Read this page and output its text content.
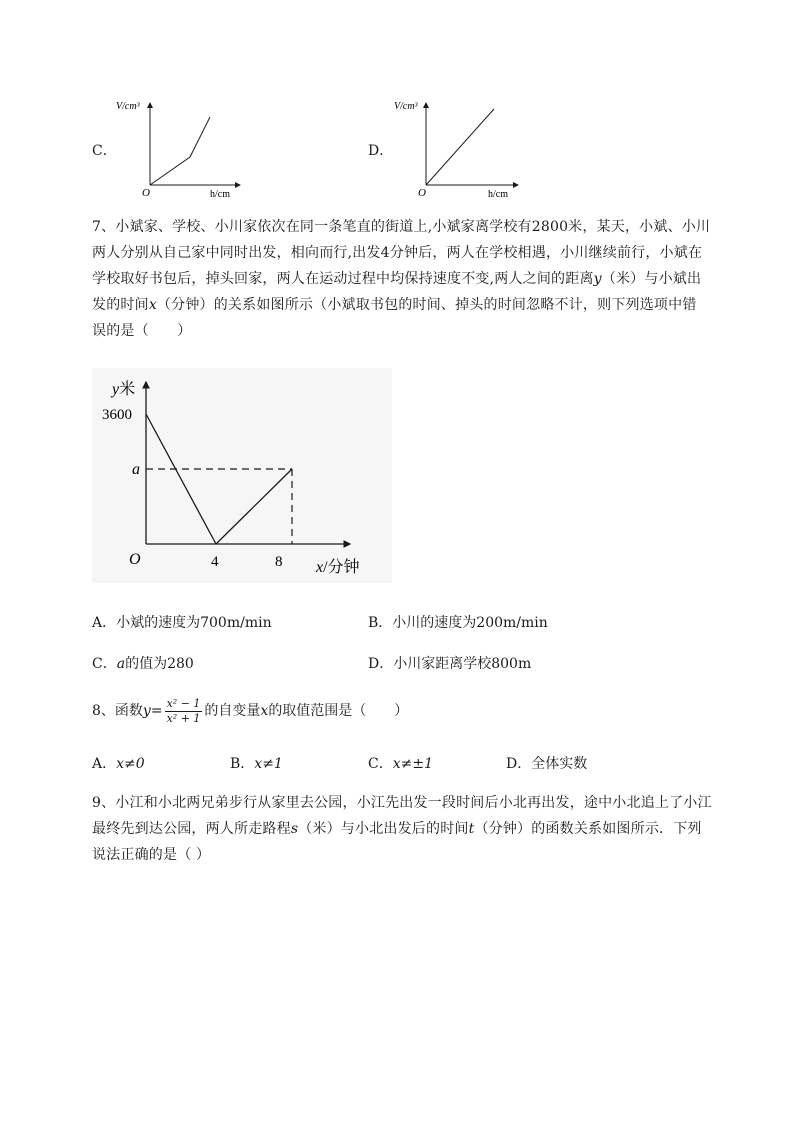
C．
V/cm³
h/cm
O
D．
V/cm³
h/cm
O
7、小斌家、学校、小川家依次在同一条笔直的街道上,小斌家离学校有2800米，某天，小斌、小川
两人分别从自己家中同时出发，相向而行,出发4分钟后，两人在学校相遇，小川继续前行，小斌在
学校取好书包后，掉头回家，两人在运动过程中均保持速度不变,两人之间的距离y（米）与小斌出
发的时间x（分钟）的关系如图所示（小斌取书包的时间、掉头的时间忽略不计，则下列选项中错
误的是（　　）
y米
3600
a
O	4	8 x/分钟
A．小斌的速度为700m/min	B．小川的速度为200m/min
C．a的值为280	D．小川家距离学校800m
8、函数$y= \frac{\text{x² − 1}}{\text{x² + 1}}$ 的自变量x的取值范围是（　　）
A．x≠0	B．x≠1	C．x≠±1	D．全体实数
9、小江和小北两兄弟步行从家里去公园，小江先出发一段时间后小北再出发，途中小北追上了小江
最终先到达公园，两人所走路程s（米）与小北出发后的时间t（分钟）的函数关系如图所示．下列
说法正确的是（ ）
